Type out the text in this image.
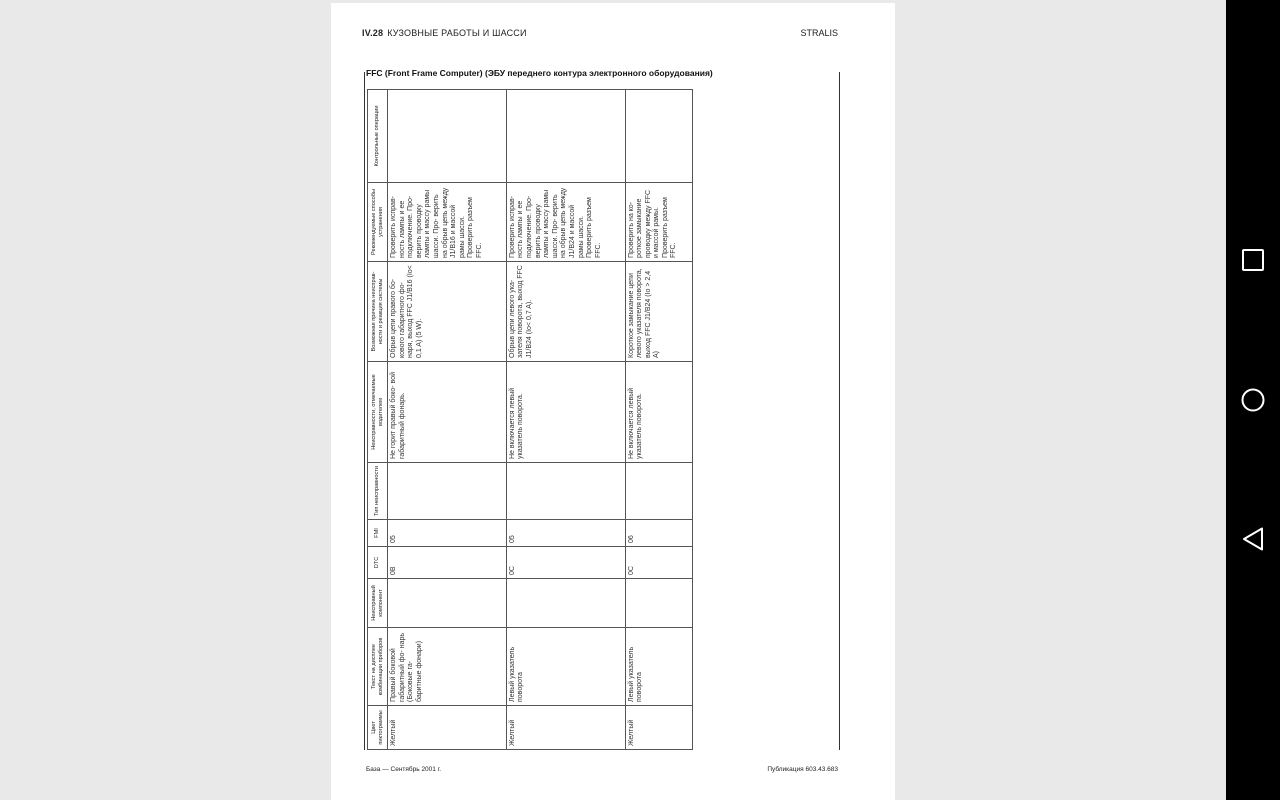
IV.28 КУЗОВНЫЕ РАБОТЫ И ШАССИ	STRALIS
FFC (Front Frame Computer) (ЭБУ переднего контура электронного оборудования)
Цвет пиктограммы	Текст на дисплее комбинации приборов	Неисправный компонент	DTC	FMI	Тип неисправности	Неисправности, отмечаемые водителем	Возможная причина неисправ- ности и реакция системы	Рекомендуемые способы устранения	Контрольные операции
Желтый	Правый боковой габаритный фо- нарь (Боковые га- баритные фонари)		0B	05		Не горит правый боко- вой габаритный фонарь.	Обрыв цепи правого бо- кового габаритного фо- наря, выход FFC J1/B16 (Io< 0,1 A) (5 W).	Проверить исправ- ность лампы и ее подключение. Про- верить проводку лампы и массу рамы шасси. Про- верить на обрыв цепь между J1/B16 и массой рамы шасси. Проверить разъем FFC.	
Желтый	Левый указатель поворота		0C	05		Не включается левый указатель поворота.	Обрыв цепи левого ука- зателя поворота, выход FFC J1/B24 (Io< 0,7 A).	Проверить исправ- ность лампы и ее подключение. Про- верить проводку лампы и массу рамы шасси. Про- верить на обрыв цепь между J1/B24 и массой рамы шасси. Проверить разъем FFC.	
Желтый	Левый указатель поворота		0C	06		Не включается левый указатель поворота.	Короткое замыкание цепи левого указателя поворота, выход FFC J1/B24 (Io > 2,4 A)	Проверить на ко- роткое замыкание проводку между FFC и массой рамы. Проверить разъем FFC.	
База — Сентябрь 2001 г.	Публикация 603.43.683
